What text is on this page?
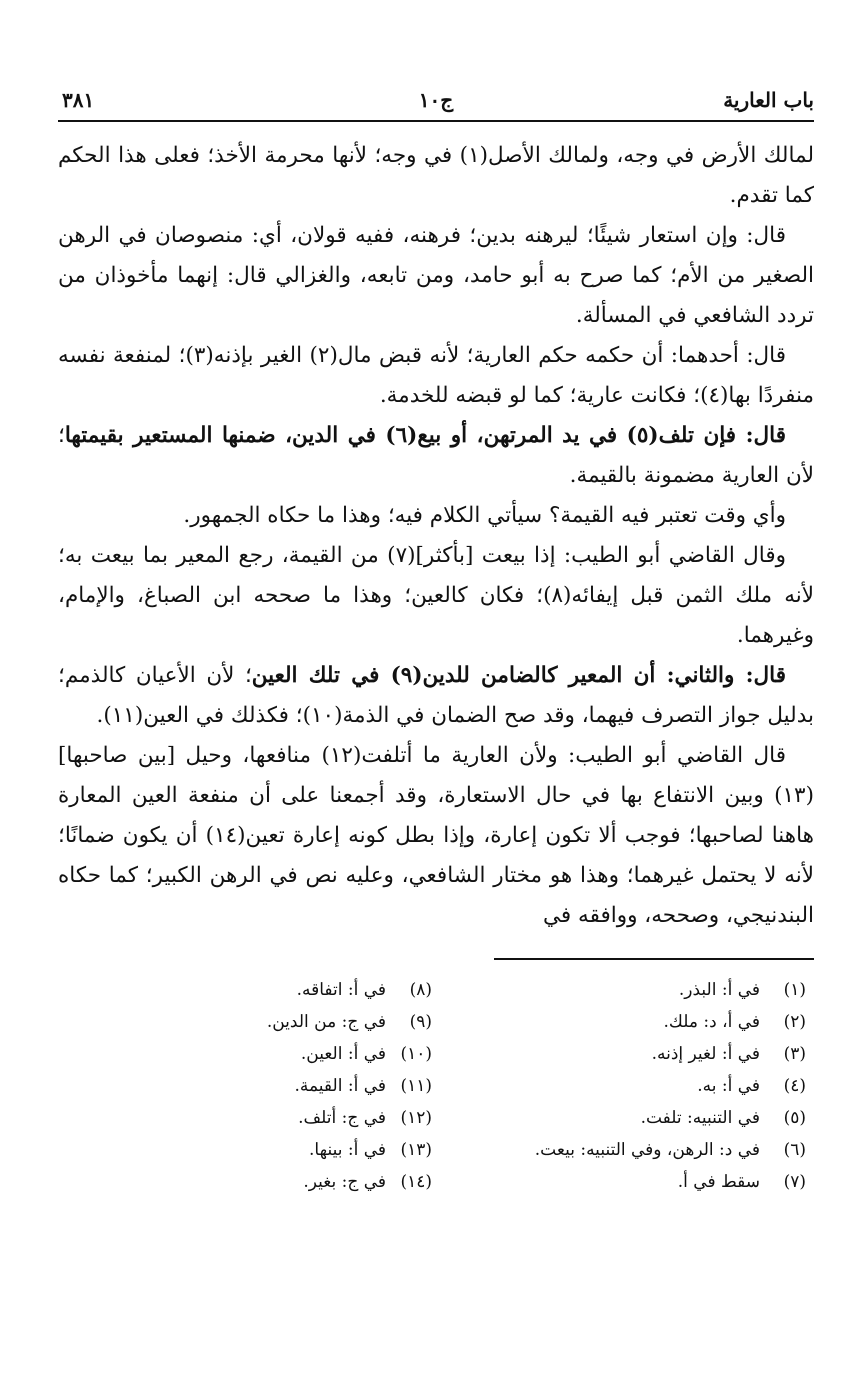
باب العارية
ج١٠
٣٨١

لمالك الأرض في وجه، ولمالك الأصل(١) في وجه؛ لأنها محرمة الأخذ؛ فعلى هذا الحكم كما تقدم.

قال: وإن استعار شيئًا؛ ليرهنه بدين؛ فرهنه، ففيه قولان، أي: منصوصان في الرهن الصغير من الأم؛ كما صرح به أبو حامد، ومن تابعه، والغزالي قال: إنهما مأخوذان من تردد الشافعي في المسألة.

قال: أحدهما: أن حكمه حكم العارية؛ لأنه قبض مال(٢) الغير بإذنه(٣)؛ لمنفعة نفسه منفردًا بها(٤)؛ فكانت عارية؛ كما لو قبضه للخدمة.

قال: فإن تلف(٥) في يد المرتهن، أو بيع(٦) في الدين، ضمنها المستعير بقيمتها؛ لأن العارية مضمونة بالقيمة.

وأي وقت تعتبر فيه القيمة؟ سيأتي الكلام فيه؛ وهذا ما حكاه الجمهور.

وقال القاضي أبو الطيب: إذا بيعت [بأكثر](٧) من القيمة، رجع المعير بما بيعت به؛ لأنه ملك الثمن قبل إيفائه(٨)؛ فكان كالعين؛ وهذا ما صححه ابن الصباغ، والإمام، وغيرهما.

قال: والثاني: أن المعير كالضامن للدين(٩) في تلك العين؛ لأن الأعيان كالذمم؛ بدليل جواز التصرف فيهما، وقد صح الضمان في الذمة(١٠)؛ فكذلك في العين(١١).

قال القاضي أبو الطيب: ولأن العارية ما أتلفت(١٢) منافعها، وحيل [بين صاحبها](١٣) وبين الانتفاع بها في حال الاستعارة، وقد أجمعنا على أن منفعة العين المعارة هاهنا لصاحبها؛ فوجب ألا تكون إعارة، وإذا بطل كونه إعارة تعين(١٤) أن يكون ضمانًا؛ لأنه لا يحتمل غيرهما؛ وهذا هو مختار الشافعي، وعليه نص في الرهن الكبير؛ كما حكاه البندنيجي، وصححه، ووافقه في

(١)في أ: البذر.
(٢)في أ، د: ملك.
(٣)في أ: لغير إذنه.
(٤)في أ: به.
(٥)في التنبيه: تلفت.
(٦)في د: الرهن، وفي التنبيه: بيعت.
(٧)سقط في أ.
(٨)في أ: اتفاقه.
(٩)في ج: من الدين.
(١٠)في أ: العين.
(١١)في أ: القيمة.
(١٢)في ج: أتلف.
(١٣)في أ: بينها.
(١٤)في ج: بغير.
